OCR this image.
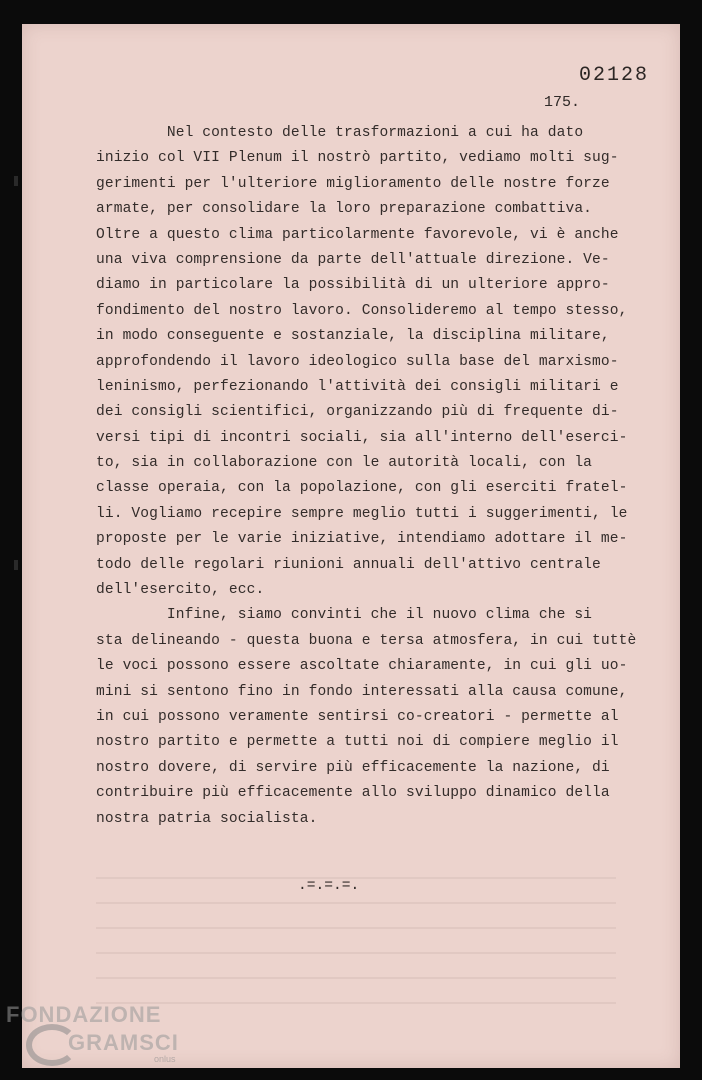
02128
175.
Nel contesto delle trasformazioni a cui ha dato
inizio col VII Plenum il nostrò partito, vediamo molti sug-
gerimenti per l'ulteriore miglioramento delle nostre forze
armate, per consolidare la loro preparazione combattiva.
Oltre a questo clima particolarmente favorevole, vi è anche
una viva comprensione da parte dell'attuale direzione. Ve-
diamo in particolare la possibilità di un ulteriore appro-
fondimento del nostro lavoro. Consolideremo al tempo stesso,
in modo conseguente e sostanziale, la disciplina militare,
approfondendo il lavoro ideologico sulla base del marxismo-
leninismo, perfezionando l'attività dei consigli militari e
dei consigli scientifici, organizzando più di frequente di-
versi tipi di incontri sociali, sia all'interno dell'eserci-
to, sia in collaborazione con le autorità locali, con la
classe operaia, con la popolazione, con gli eserciti fratel-
li. Vogliamo recepire sempre meglio tutti i suggerimenti, le
proposte per le varie iniziative, intendiamo adottare il me-
todo delle regolari riunioni annuali dell'attivo centrale
dell'esercito, ecc.
Infine, siamo convinti che il nuovo clima che si
sta delineando - questa buona e tersa atmosfera, in cui tuttè
le voci possono essere ascoltate chiaramente, in cui gli uo-
mini si sentono fino in fondo interessati alla causa comune,
in cui possono veramente sentirsi co-creatori - permette al
nostro partito e permette a tutti noi di compiere meglio il
nostro dovere, di servire più efficacemente la nazione, di
contribuire più efficacemente allo sviluppo dinamico della
nostra patria socialista.
.=.=.=.
FONDAZIONE
GRAMSCI
onlus
